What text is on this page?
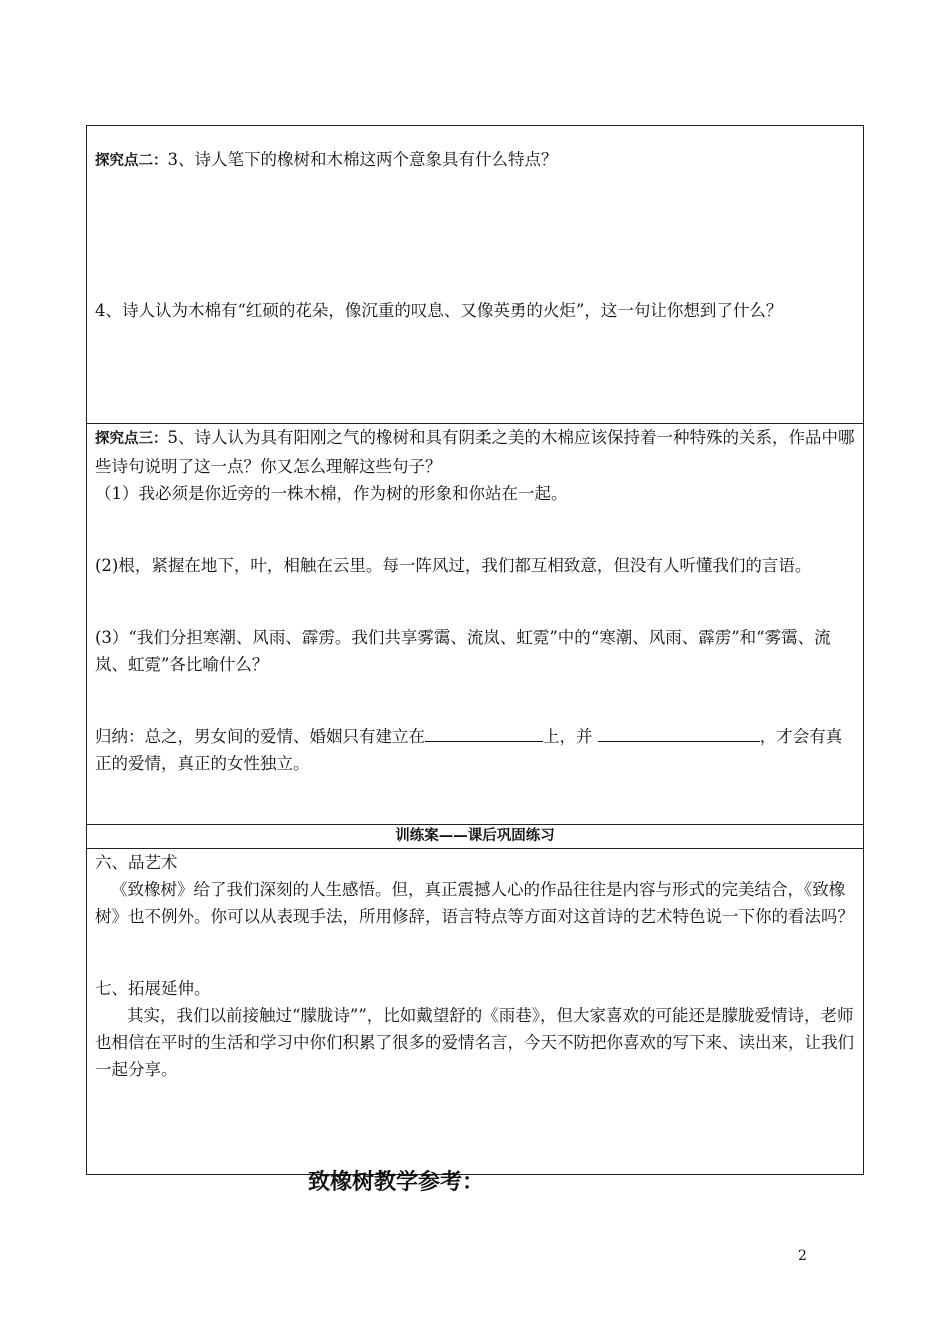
探究点二：3、诗人笔下的橡树和木棉这两个意象具有什么特点？

4、诗人认为木棉有“红硕的花朵，像沉重的叹息、又像英勇的火炬”，这一句让你想到了什么？

探究点三：5、诗人认为具有阳刚之气的橡树和具有阴柔之美的木棉应该保持着一种特殊的关系，作品中哪些诗句说明了这一点？你又怎么理解这些句子？

（1）我必须是你近旁的一株木棉，作为树的形象和你站在一起。

(2)根，紧握在地下，叶，相触在云里。每一阵风过，我们都互相致意，但没有人听懂我们的言语。

(3）“我们分担寒潮、风雨、霹雳。我们共享雾霭、流岚、虹霓”中的“寒潮、风雨、霹雳”和“雾霭、流岚、虹霓”各比喻什么？

归纳：总之，男女间的爱情、婚姻只有建立在	上，并	，才会有真正的爱情，真正的女性独立。

训练案——课后巩固练习

六、品艺术

《致橡树》给了我们深刻的人生感悟。但，真正震撼人心的作品往往是内容与形式的完美结合，《致橡树》也不例外。你可以从表现手法，所用修辞，语言特点等方面对这首诗的艺术特色说一下你的看法吗？

七、拓展延伸。

其实，我们以前接触过“朦胧诗””，比如戴望舒的《雨巷》，但大家喜欢的可能还是朦胧爱情诗，老师也相信在平时的生活和学习中你们积累了很多的爱情名言，今天不防把你喜欢的写下来、读出来，让我们一起分享。

致橡树教学参考：
2
